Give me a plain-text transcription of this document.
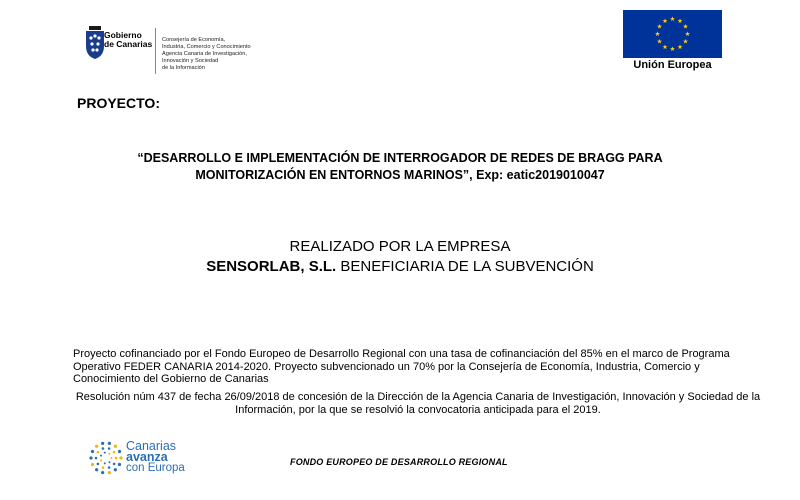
Gobierno
de Canarias	Consejería de Economía,
Industria, Comercio y Conocimiento
Agencia Canaria de Investigación,
Innovación y Sociedad
de la Información	Unión Europea
PROYECTO:
“DESARROLLO E IMPLEMENTACIÓN DE INTERROGADOR DE REDES DE BRAGG PARA
MONITORIZACIÓN EN ENTORNOS MARINOS”, Exp: eatic2019010047
REALIZADO POR LA EMPRESA
SENSORLAB, S.L. BENEFICIARIA DE LA SUBVENCIÓN
Proyecto cofinanciado por el Fondo Europeo de Desarrollo Regional con una tasa de cofinanciación del 85% en el marco de Programa Operativo FEDER CANARIA 2014-2020. Proyecto subvencionado un 70% por la Consejería de Economía, Industria, Comercio y Conocimiento del Gobierno de Canarias
Resolución núm 437 de fecha 26/09/2018 de concesión de la Dirección de la Agencia Canaria de Investigación, Innovación y Sociedad de la Información, por la que se resolvió la convocatoria anticipada para el 2019.
Canarias
avanza
con Europa	FONDO EUROPEO DE DESARROLLO REGIONAL
